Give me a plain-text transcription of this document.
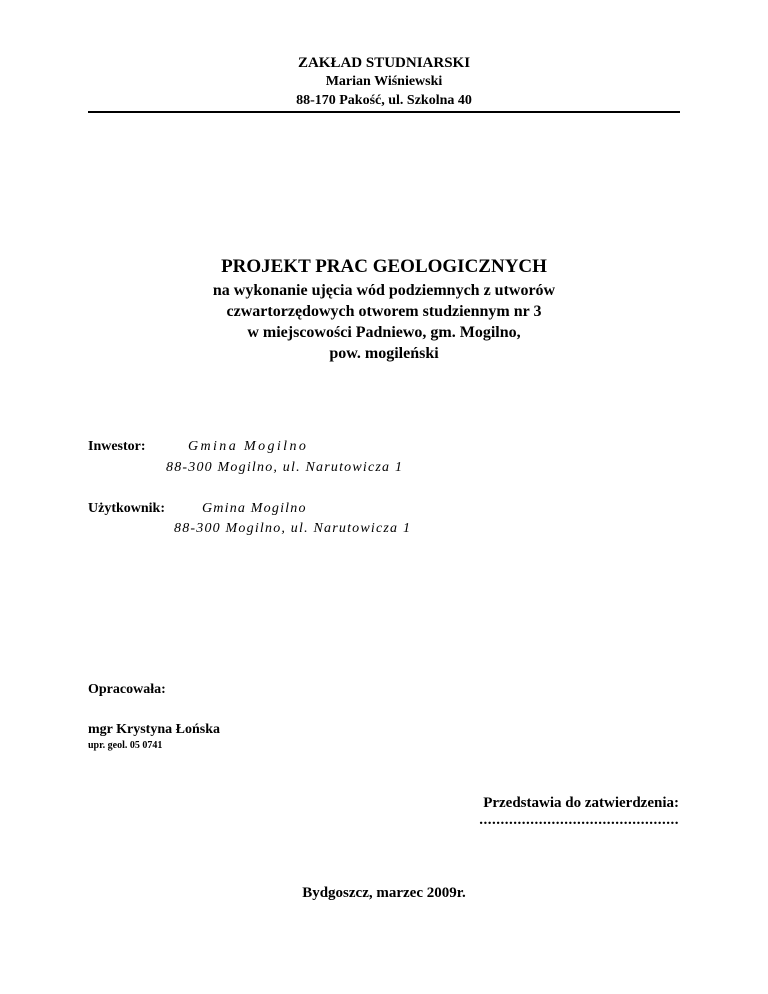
ZAKŁAD STUDNIARSKI
Marian Wiśniewski
88-170 Pakość, ul. Szkolna 40
PROJEKT PRAC GEOLOGICZNYCH
na wykonanie ujęcia wód podziemnych z utworów
czwartorzędowych otworem studziennym nr 3
w miejscowości Padniewo, gm. Mogilno,
pow. mogileński
Inwestor:	Gmina Mogilno
88-300 Mogilno, ul. Narutowicza 1
Użytkownik:	Gmina Mogilno
88-300 Mogilno, ul. Narutowicza 1
Opracowała:
mgr Krystyna Łońska
upr. geol. 05 0741
Przedstawia do zatwierdzenia:
...............................................
Bydgoszcz, marzec 2009r.
